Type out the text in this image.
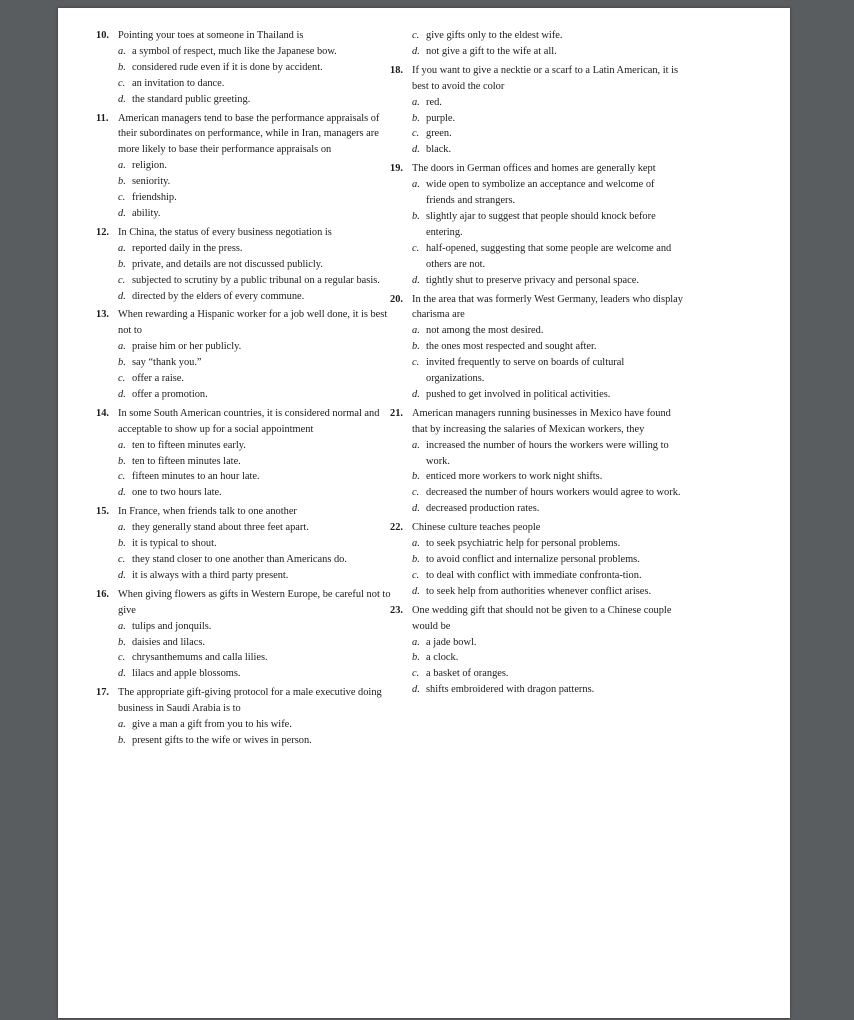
10. Pointing your toes at someone in Thailand is
a. a symbol of respect, much like the Japanese bow.
b. considered rude even if it is done by accident.
c. an invitation to dance.
d. the standard public greeting.
11. American managers tend to base the performance appraisals of their subordinates on performance, while in Iran, managers are more likely to base their performance appraisals on
a. religion.
b. seniority.
c. friendship.
d. ability.
12. In China, the status of every business negotiation is
a. reported daily in the press.
b. private, and details are not discussed publicly.
c. subjected to scrutiny by a public tribunal on a regular basis.
d. directed by the elders of every commune.
13. When rewarding a Hispanic worker for a job well done, it is best not to
a. praise him or her publicly.
b. say “thank you.”
c. offer a raise.
d. offer a promotion.
14. In some South American countries, it is considered normal and acceptable to show up for a social appointment
a. ten to fifteen minutes early.
b. ten to fifteen minutes late.
c. fifteen minutes to an hour late.
d. one to two hours late.
15. In France, when friends talk to one another
a. they generally stand about three feet apart.
b. it is typical to shout.
c. they stand closer to one another than Americans do.
d. it is always with a third party present.
16. When giving flowers as gifts in Western Europe, be careful not to give
a. tulips and jonquils.
b. daisies and lilacs.
c. chrysanthemums and calla lilies.
d. lilacs and apple blossoms.
17. The appropriate gift-giving protocol for a male executive doing business in Saudi Arabia is to
a. give a man a gift from you to his wife.
b. present gifts to the wife or wives in person.
c. give gifts only to the eldest wife.
d. not give a gift to the wife at all.
18. If you want to give a necktie or a scarf to a Latin American, it is best to avoid the color
a. red.
b. purple.
c. green.
d. black.
19. The doors in German offices and homes are generally kept
a. wide open to symbolize an acceptance and welcome of friends and strangers.
b. slightly ajar to suggest that people should knock before entering.
c. half-opened, suggesting that some people are welcome and others are not.
d. tightly shut to preserve privacy and personal space.
20. In the area that was formerly West Germany, leaders who display charisma are
a. not among the most desired.
b. the ones most respected and sought after.
c. invited frequently to serve on boards of cultural organizations.
d. pushed to get involved in political activities.
21. American managers running businesses in Mexico have found that by increasing the salaries of Mexican workers, they
a. increased the number of hours the workers were willing to work.
b. enticed more workers to work night shifts.
c. decreased the number of hours workers would agree to work.
d. decreased production rates.
22. Chinese culture teaches people
a. to seek psychiatric help for personal problems.
b. to avoid conflict and internalize personal problems.
c. to deal with conflict with immediate confronta-tion.
d. to seek help from authorities whenever conflict arises.
23. One wedding gift that should not be given to a Chinese couple would be
a. a jade bowl.
b. a clock.
c. a basket of oranges.
d. shifts embroidered with dragon patterns.
